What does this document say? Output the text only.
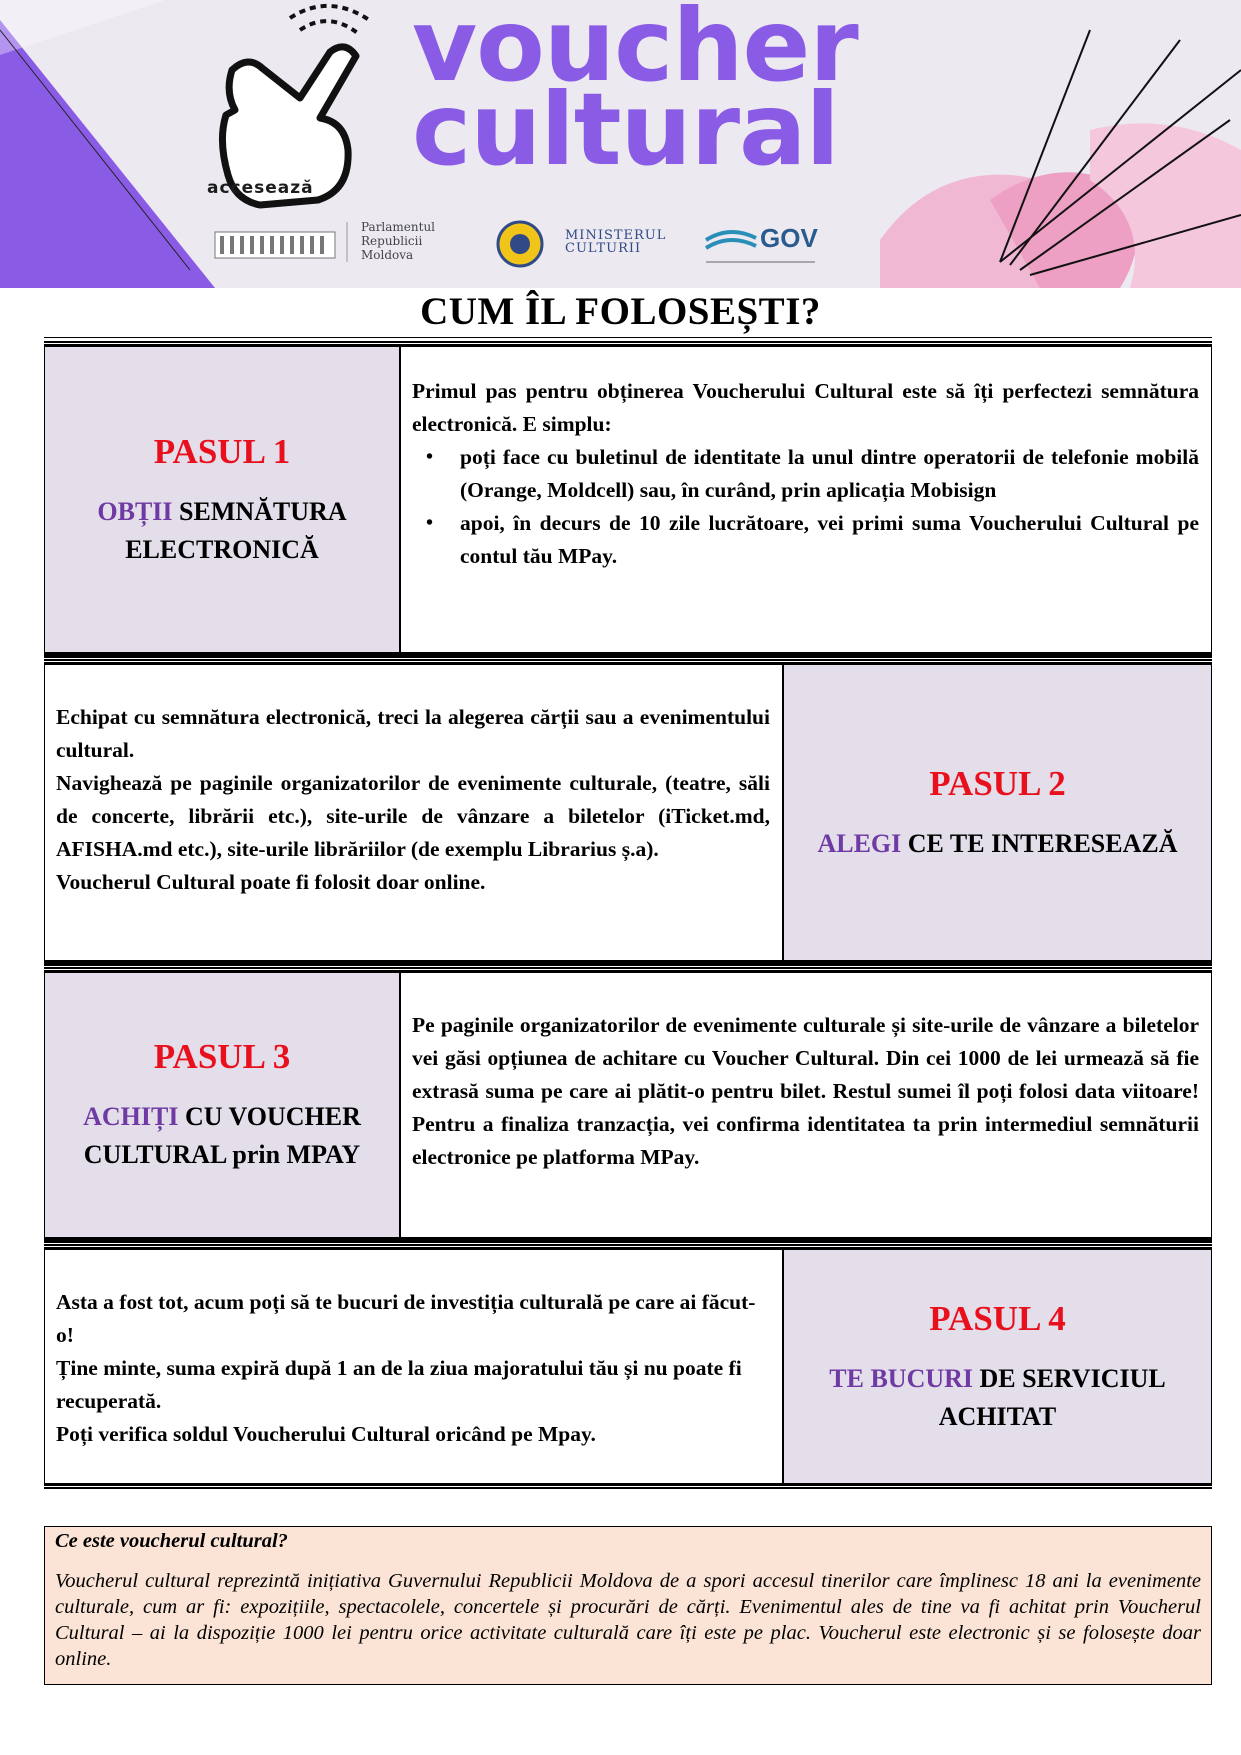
voucher
cultural
accesează
Parlamentul
Republicii
Moldova
MINISTERUL
CULTURII	GOV
CUM ÎL FOLOSEȘTI?
PASUL 1
OBȚII SEMNĂTURA ELECTRONICĂ

Primul pas pentru obținerea Voucherului Cultural este să îți perfectezi semnătura electronică. E simplu:

• poți face cu buletinul de identitate la unul dintre operatorii de telefonie mobilă (Orange, Moldcell) sau, în curând, prin aplicația Mobisign
• apoi, în decurs de 10 zile lucrătoare, vei primi suma Voucherului Cultural pe contul tău MPay.

Echipat cu semnătura electronică, treci la alegerea cărții sau a evenimentului cultural.

Navighează pe paginile organizatorilor de evenimente culturale, (teatre, săli de concerte, librării etc.), site-urile de vânzare a biletelor (iTicket.md, AFISHA.md etc.), site-urile librăriilor (de exemplu Librarius ș.a).

Voucherul Cultural poate fi folosit doar online.

PASUL 2
ALEGI CE TE INTERESEAZĂ
PASUL 3
ACHIȚI CU VOUCHER CULTURAL prin MPAY

Pe paginile organizatorilor de evenimente culturale și site-urile de vânzare a biletelor vei găsi opțiunea de achitare cu Voucher Cultural. Din cei 1000 de lei urmează să fie extrasă suma pe care ai plătit-o pentru bilet. Restul sumei îl poți folosi data viitoare! Pentru a finaliza tranzacția, vei confirma identitatea ta prin intermediul semnăturii electronice pe platforma MPay.

Asta a fost tot, acum poți să te bucuri de investiția culturală pe care ai făcut-o!

Ține minte, suma expiră după 1 an de la ziua majoratului tău și nu poate fi recuperată.

Poți verifica soldul Voucherului Cultural oricând pe Mpay.

PASUL 4
TE BUCURI DE SERVICIUL ACHITAT
Ce este voucherul cultural?
Voucherul cultural reprezintă inițiativa Guvernului Republicii Moldova de a spori accesul tinerilor care împlinesc 18 ani la evenimente culturale, cum ar fi: expozițiile, spectacolele, concertele și procurări de cărți. Evenimentul ales de tine va fi achitat prin Voucherul Cultural – ai la dispoziție 1000 lei pentru orice activitate culturală care îți este pe plac. Voucherul este electronic și se folosește doar online.
